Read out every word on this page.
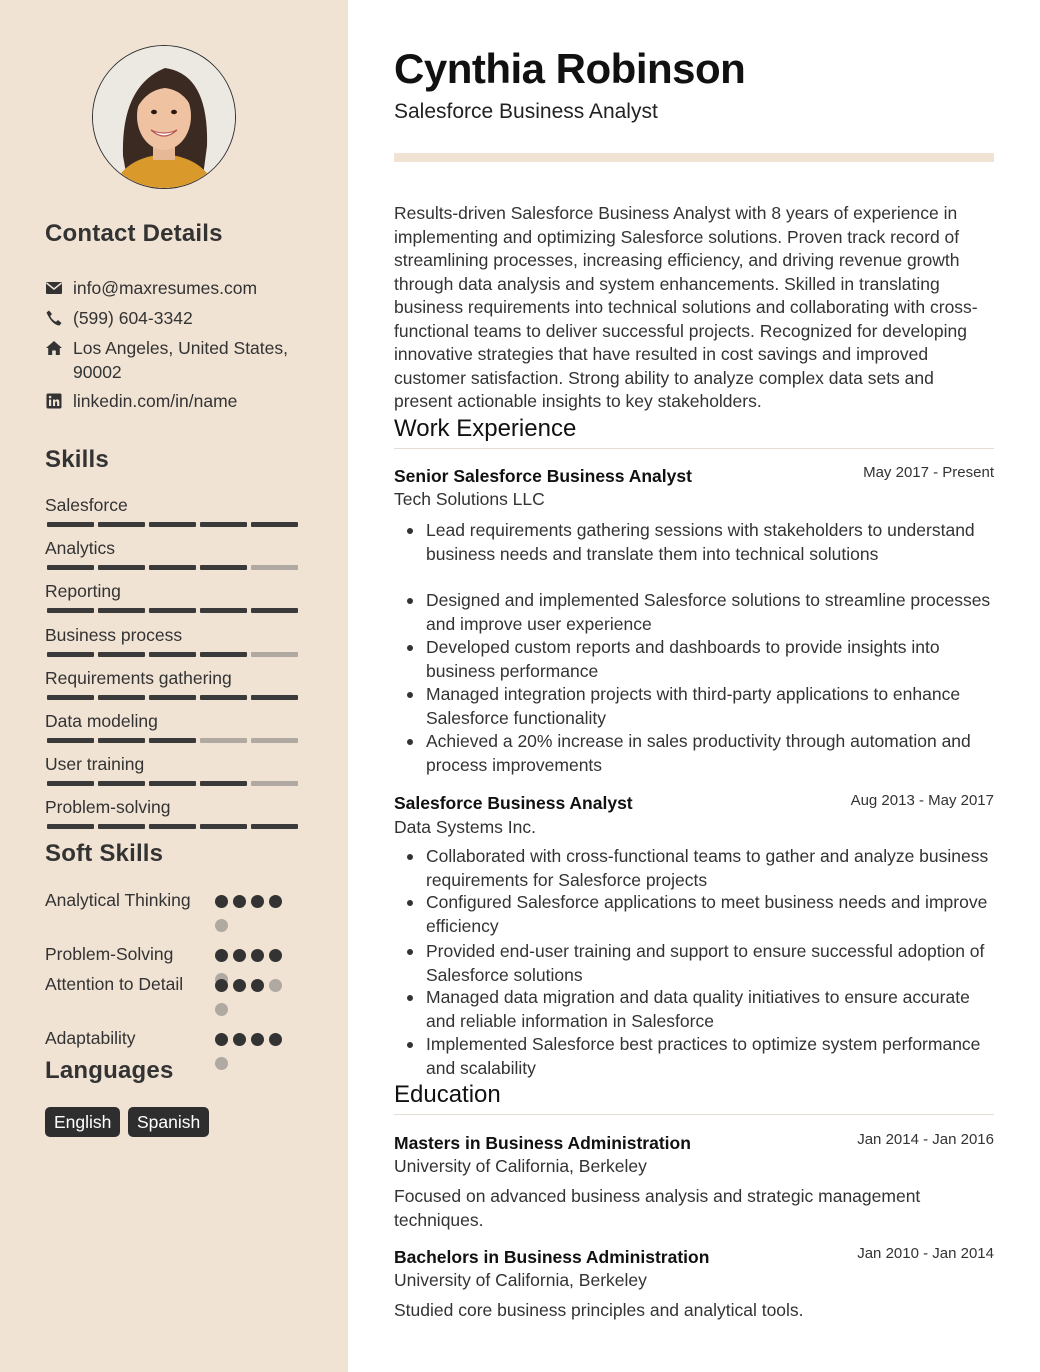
Contact Details
info@maxresumes.com
(599) 604-3342
Los Angeles, United States,
90002
linkedin.com/in/name
Skills
Salesforce
Analytics
Reporting
Business process
Requirements gathering
Data modeling
User training
Problem-solving
Soft Skills
Analytical Thinking
Problem-Solving
Attention to Detail
Adaptability
Languages
English	Spanish
Cynthia Robinson
Salesforce Business Analyst
Results-driven Salesforce Business Analyst with 8 years of experience in implementing and optimizing Salesforce solutions. Proven track record of streamlining processes, increasing efficiency, and driving revenue growth through data analysis and system enhancements. Skilled in translating business requirements into technical solutions and collaborating with cross-functional teams to deliver successful projects. Recognized for developing innovative strategies that have resulted in cost savings and improved customer satisfaction. Strong ability to analyze complex data sets and present actionable insights to key stakeholders.
Work Experience
Senior Salesforce Business Analyst	May 2017 - Present
Tech Solutions LLC
Lead requirements gathering sessions with stakeholders to understand business needs and translate them into technical solutions
Designed and implemented Salesforce solutions to streamline processes and improve user experience
Developed custom reports and dashboards to provide insights into business performance
Managed integration projects with third-party applications to enhance Salesforce functionality
Achieved a 20% increase in sales productivity through automation and process improvements
Salesforce Business Analyst	Aug 2013 - May 2017
Data Systems Inc.
Collaborated with cross-functional teams to gather and analyze business requirements for Salesforce projects
Configured Salesforce applications to meet business needs and improve efficiency
Provided end-user training and support to ensure successful adoption of Salesforce solutions
Managed data migration and data quality initiatives to ensure accurate and reliable information in Salesforce
Implemented Salesforce best practices to optimize system performance and scalability
Education
Masters in Business Administration	Jan 2014 - Jan 2016
University of California, Berkeley
Focused on advanced business analysis and strategic management techniques.
Bachelors in Business Administration	Jan 2010 - Jan 2014
University of California, Berkeley
Studied core business principles and analytical tools.
